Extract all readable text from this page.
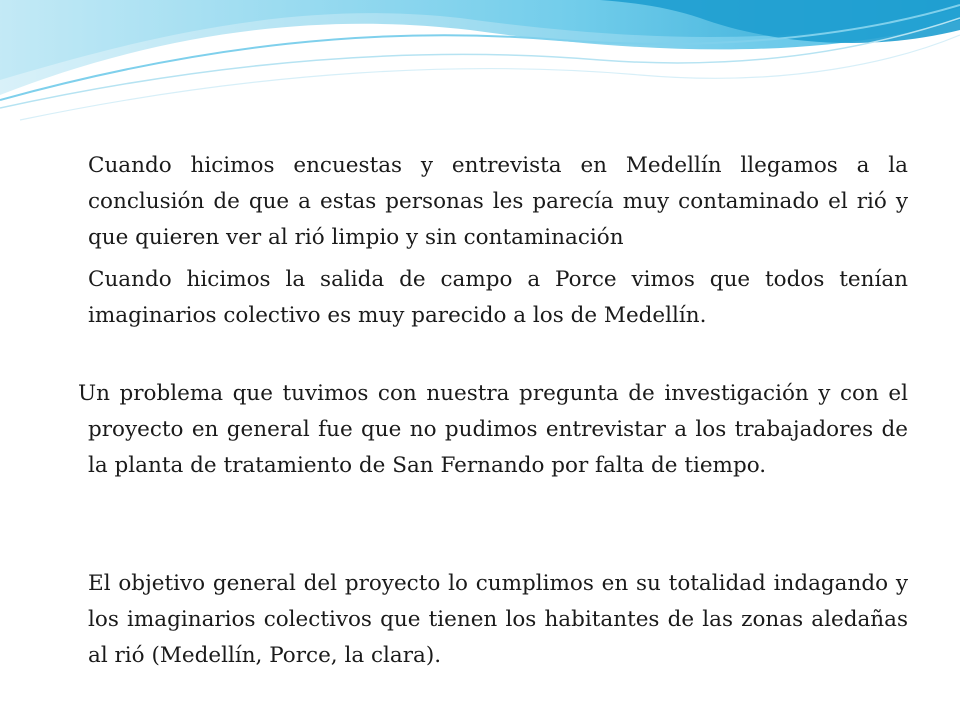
Cuando hicimos encuestas y entrevista en Medellín llegamos a la conclusión de que a estas personas les parecía muy contaminado el rió y que quieren ver al rió limpio y sin contaminación

Cuando hicimos la salida de campo a Porce vimos que todos tenían imaginarios colectivo es muy parecido a los de Medellín.

Un problema que tuvimos con nuestra pregunta de investigación y con el proyecto en general fue que no pudimos entrevistar a los trabajadores de la planta de tratamiento de San Fernando por falta de tiempo.

El objetivo general del proyecto lo cumplimos en su totalidad indagando y los imaginarios colectivos que tienen los habitantes de las zonas aledañas al rió (Medellín, Porce, la clara).
